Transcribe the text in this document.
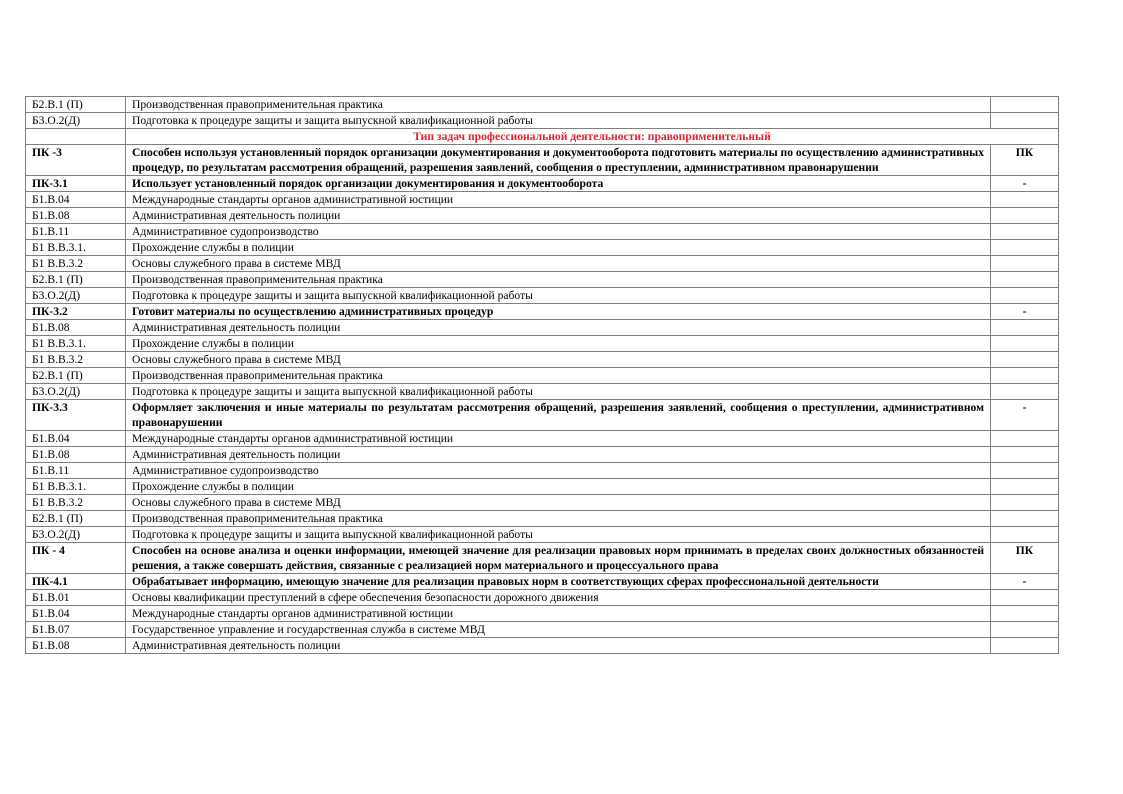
Б2.В.1 (П)	Производственная правоприменительная практика	
Б3.О.2(Д)	Подготовка к процедуре защиты и защита выпускной квалификационной работы	
	Тип задач профессиональной деятельности: правоприменительный	
ПК -3	Способен используя установленный порядок организации документирования и документооборота подготовить материалы по осуществлению административных процедур, по результатам рассмотрения обращений, разрешения заявлений, сообщения о преступлении, административном правонарушении	ПК
ПК-3.1	Использует установленный порядок организации документирования и документооборота	-
Б1.В.04	Международные стандарты органов административной юстиции	
Б1.В.08	Административная деятельность полиции	
Б1.В.11	Административное судопроизводство	
Б1 В.В.3.1.	Прохождение службы в полиции	
Б1 В.В.3.2	Основы служебного права в системе МВД	
Б2.В.1 (П)	Производственная правоприменительная практика	
Б3.О.2(Д)	Подготовка к процедуре защиты и защита выпускной квалификационной работы	
ПК-3.2	Готовит материалы по осуществлению административных процедур	-
Б1.В.08	Административная деятельность полиции	
Б1 В.В.3.1.	Прохождение службы в полиции	
Б1 В.В.3.2	Основы служебного права в системе МВД	
Б2.В.1 (П)	Производственная правоприменительная практика	
Б3.О.2(Д)	Подготовка к процедуре защиты и защита выпускной квалификационной работы	
ПК-3.3	Оформляет заключения и иные материалы по результатам рассмотрения обращений, разрешения заявлений, сообщения о преступлении, административном правонарушении	-
Б1.В.04	Международные стандарты органов административной юстиции	
Б1.В.08	Административная деятельность полиции	
Б1.В.11	Административное судопроизводство	
Б1 В.В.3.1.	Прохождение службы в полиции	
Б1 В.В.3.2	Основы служебного права в системе МВД	
Б2.В.1 (П)	Производственная правоприменительная практика	
Б3.О.2(Д)	Подготовка к процедуре защиты и защита выпускной квалификационной работы	
ПК - 4	Способен на основе анализа и оценки информации, имеющей значение для реализации правовых норм принимать в пределах своих должностных обязанностей решения, а также совершать действия, связанные с реализацией норм материального и процессуального права	ПК
ПК-4.1	Обрабатывает информацию, имеющую значение для реализации правовых норм в соответствующих сферах профессиональной деятельности	-
Б1.В.01	Основы квалификации преступлений в сфере обеспечения безопасности дорожного движения	
Б1.В.04	Международные стандарты органов административной юстиции	
Б1.В.07	Государственное управление и государственная служба в системе МВД	
Б1.В.08	Административная деятельность полиции	
